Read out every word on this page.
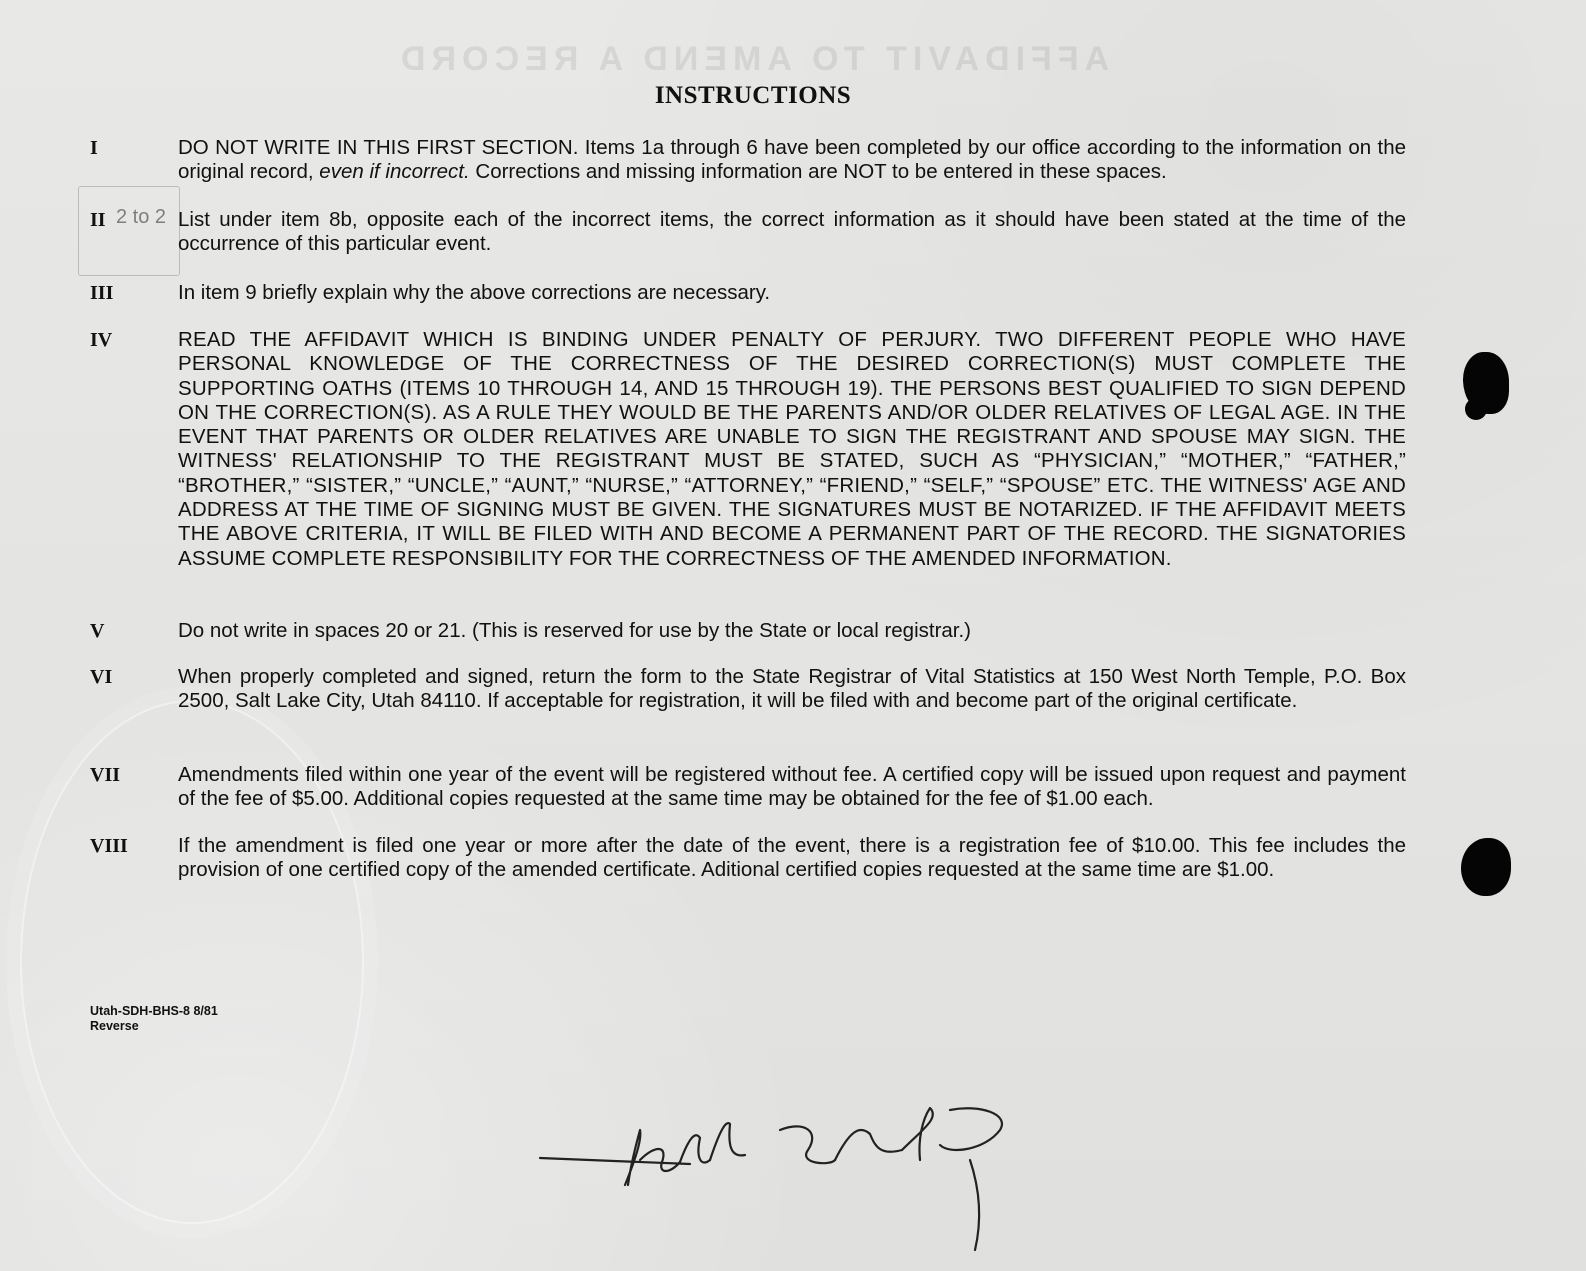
AFFIDAVIT TO AMEND A RECORD
2 to 2
INSTRUCTIONS
I	DO NOT WRITE IN THIS FIRST SECTION. Items 1a through 6 have been completed by our office according to the information on the original record, even if incorrect. Corrections and missing information are NOT to be entered in these spaces.
II	List under item 8b, opposite each of the incorrect items, the correct information as it should have been stated at the time of the occurrence of this particular event.
III	In item 9 briefly explain why the above corrections are necessary.
IV	READ THE AFFIDAVIT WHICH IS BINDING UNDER PENALTY OF PERJURY. TWO DIFFERENT PEOPLE WHO HAVE PERSONAL KNOWLEDGE OF THE CORRECTNESS OF THE DESIRED CORRECTION(S) MUST COMPLETE THE SUPPORTING OATHS (ITEMS 10 THROUGH 14, AND 15 THROUGH 19). THE PERSONS BEST QUALIFIED TO SIGN DEPEND ON THE CORRECTION(S). AS A RULE THEY WOULD BE THE PARENTS AND/OR OLDER RELATIVES OF LEGAL AGE. IN THE EVENT THAT PARENTS OR OLDER RELATIVES ARE UNABLE TO SIGN THE REGISTRANT AND SPOUSE MAY SIGN. THE WITNESS' RELATIONSHIP TO THE REGISTRANT MUST BE STATED, SUCH AS “PHYSICIAN,” “MOTHER,” “FATHER,” “BROTHER,” “SISTER,” “UNCLE,” “AUNT,” “NURSE,” “ATTORNEY,” “FRIEND,” “SELF,” “SPOUSE” ETC. THE WITNESS' AGE AND ADDRESS AT THE TIME OF SIGNING MUST BE GIVEN. THE SIGNATURES MUST BE NOTARIZED. IF THE AFFIDAVIT MEETS THE ABOVE CRITERIA, IT WILL BE FILED WITH AND BECOME A PERMANENT PART OF THE RECORD. THE SIGNATORIES ASSUME COMPLETE RESPONSIBILITY FOR THE CORRECTNESS OF THE AMENDED INFORMATION.
V	Do not write in spaces 20 or 21. (This is reserved for use by the State or local registrar.)
VI	When properly completed and signed, return the form to the State Registrar of Vital Statistics at 150 West North Temple, P.O. Box 2500, Salt Lake City, Utah 84110. If acceptable for registration, it will be filed with and become part of the original certificate.
VII	Amendments filed within one year of the event will be registered without fee. A certified copy will be issued upon request and payment of the fee of $5.00. Additional copies requested at the same time may be obtained for the fee of $1.00 each.
VIII	If the amendment is filed one year or more after the date of the event, there is a registration fee of $10.00. This fee includes the provision of one certified copy of the amended certificate. Aditional certified copies requested at the same time are $1.00.
Utah-SDH-BHS-8 8/81
Reverse
